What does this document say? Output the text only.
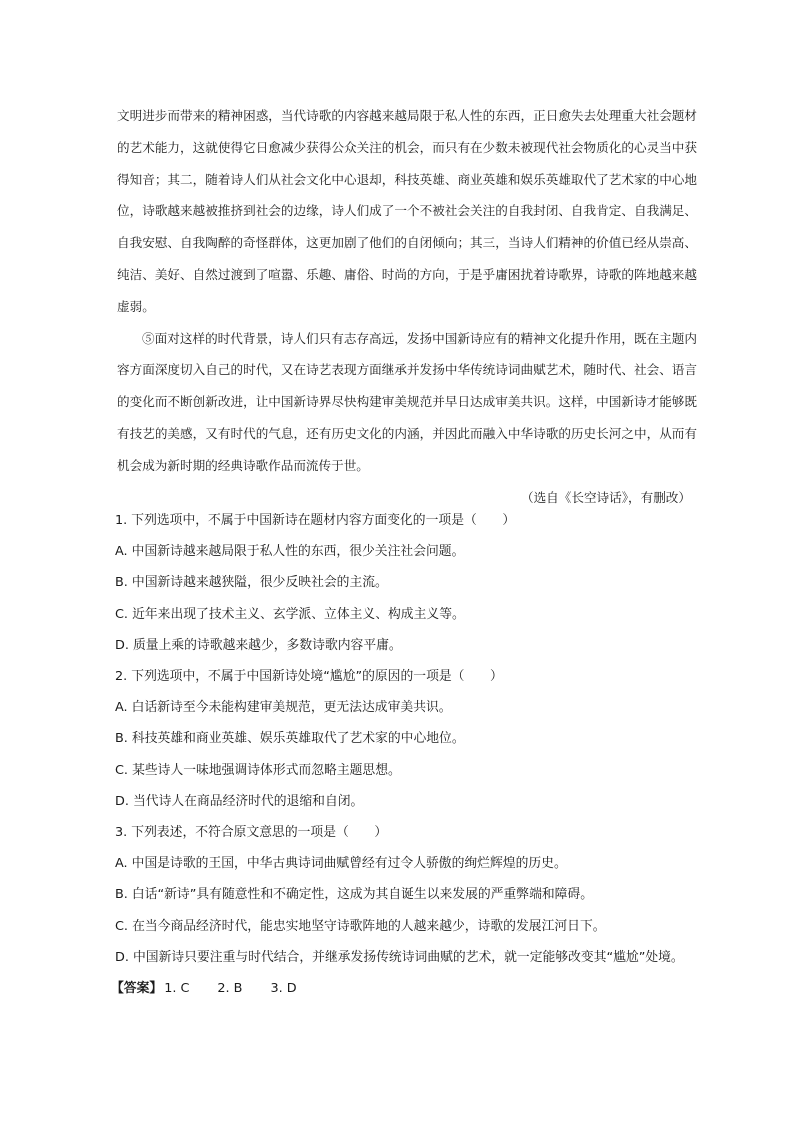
文明进步而带来的精神困惑，当代诗歌的内容越来越局限于私人性的东西，正日愈失去处理重大社会题材的艺术能力，这就使得它日愈减少获得公众关注的机会，而只有在少数未被现代社会物质化的心灵当中获得知音；其二，随着诗人们从社会文化中心退却，科技英雄、商业英雄和娱乐英雄取代了艺术家的中心地位，诗歌越来越被推挤到社会的边缘，诗人们成了一个不被社会关注的自我封闭、自我肯定、自我满足、自我安慰、自我陶醉的奇怪群体，这更加剧了他们的自闭倾向；其三，当诗人们精神的价值已经从崇高、纯洁、美好、自然过渡到了喧嚣、乐趣、庸俗、时尚的方向，于是乎庸困扰着诗歌界，诗歌的阵地越来越虚弱。

⑤面对这样的时代背景，诗人们只有志存高远，发扬中国新诗应有的精神文化提升作用，既在主题内容方面深度切入自己的时代，又在诗艺表现方面继承并发扬中华传统诗词曲赋艺术，随时代、社会、语言的变化而不断创新改进，让中国新诗界尽快构建审美规范并早日达成审美共识。这样，中国新诗才能够既有技艺的美感，又有时代的气息，还有历史文化的内涵，并因此而融入中华诗歌的历史长河之中，从而有机会成为新时期的经典诗歌作品而流传于世。

（选自《长空诗话》，有删改）

1. 下列选项中，不属于中国新诗在题材内容方面变化的一项是（　　）

A. 中国新诗越来越局限于私人性的东西，很少关注社会问题。

B. 中国新诗越来越狭隘，很少反映社会的主流。

C. 近年来出现了技术主义、玄学派、立体主义、构成主义等。

D. 质量上乘的诗歌越来越少，多数诗歌内容平庸。

2. 下列选项中，不属于中国新诗处境“尴尬”的原因的一项是（　　）

A. 白话新诗至今未能构建审美规范，更无法达成审美共识。

B. 科技英雄和商业英雄、娱乐英雄取代了艺术家的中心地位。

C. 某些诗人一味地强调诗体形式而忽略主题思想。

D. 当代诗人在商品经济时代的退缩和自闭。

3. 下列表述，不符合原文意思的一项是（　　）

A. 中国是诗歌的王国，中华古典诗词曲赋曾经有过令人骄傲的绚烂辉煌的历史。

B. 白话“新诗”具有随意性和不确定性，这成为其自诞生以来发展的严重弊端和障碍。

C. 在当今商品经济时代，能忠实地坚守诗歌阵地的人越来越少，诗歌的发展江河日下。

D. 中国新诗只要注重与时代结合，并继承发扬传统诗词曲赋的艺术，就一定能够改变其“尴尬”处境。

【答案】 1. C 2. B 3. D
